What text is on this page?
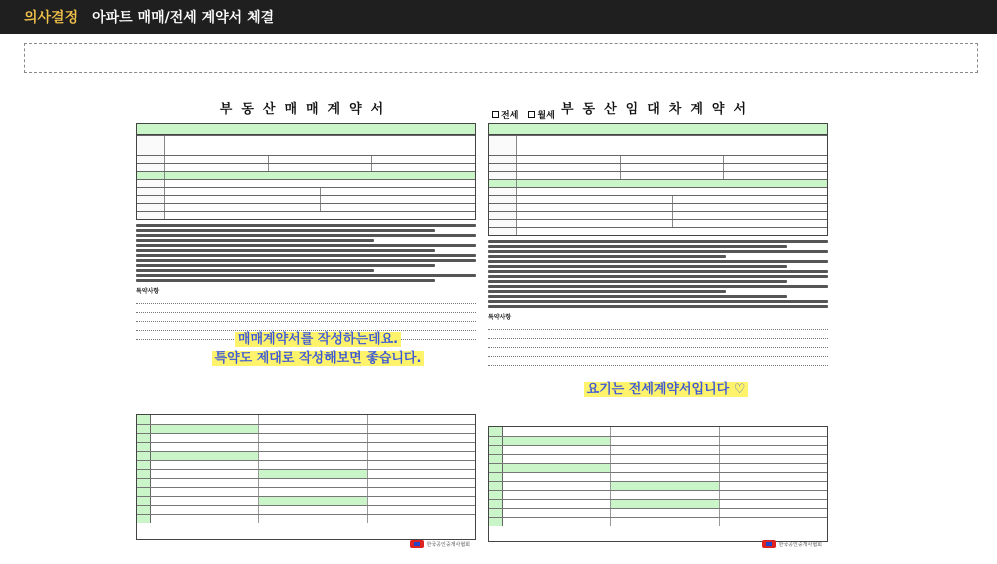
의사결정 아파트 매매/전세 계약서 체결
부동산매매계약서
특약사항
매매계약서를 작성하는데요.
특약도 제대로 작성해보면 좋습니다.
한국공인중개사협회
전세 월세 부동산임대차계약서
특약사항
요기는 전세계약서입니다 ♡
한국공인중개사협회
